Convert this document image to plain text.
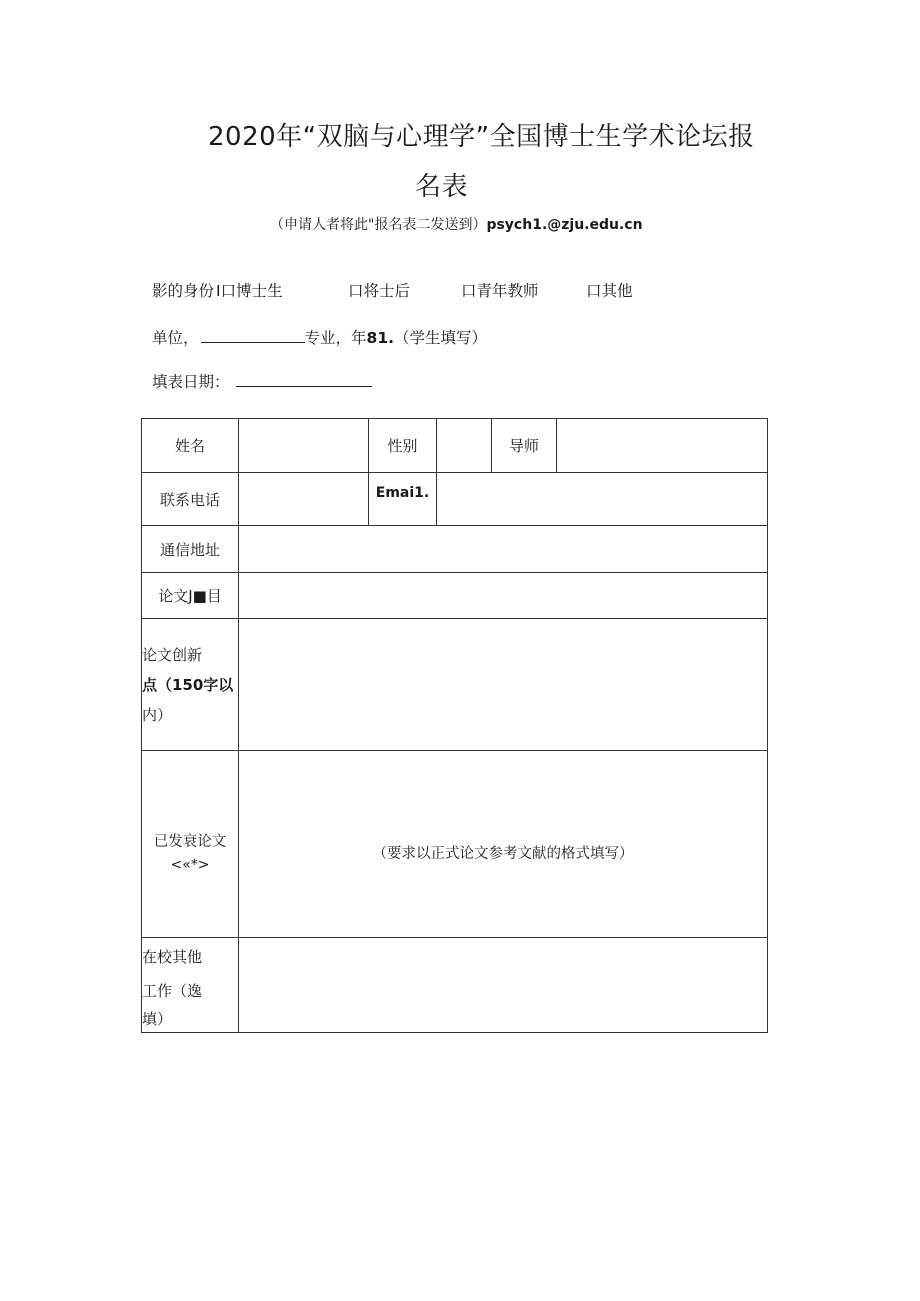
2020年“双脑与心理学”全国博士生学术论坛报
名表
（申请人者将此"报名表二发送到）psych1.@zju.edu.cn
影的身份 I口博士生	口将士后	口青年教师	口其他
单位，	专业，年81.（学生填写）
填表日期：
姓名		性别		导师	
联系电话		Emai1.			
通信地址					
论文J■目					

论文创新
点（150字以
内）					

已发衰论文
<«*>	（要求以正式论文参考文献的格式填写）				

在校其他
工作（逸
填）					
